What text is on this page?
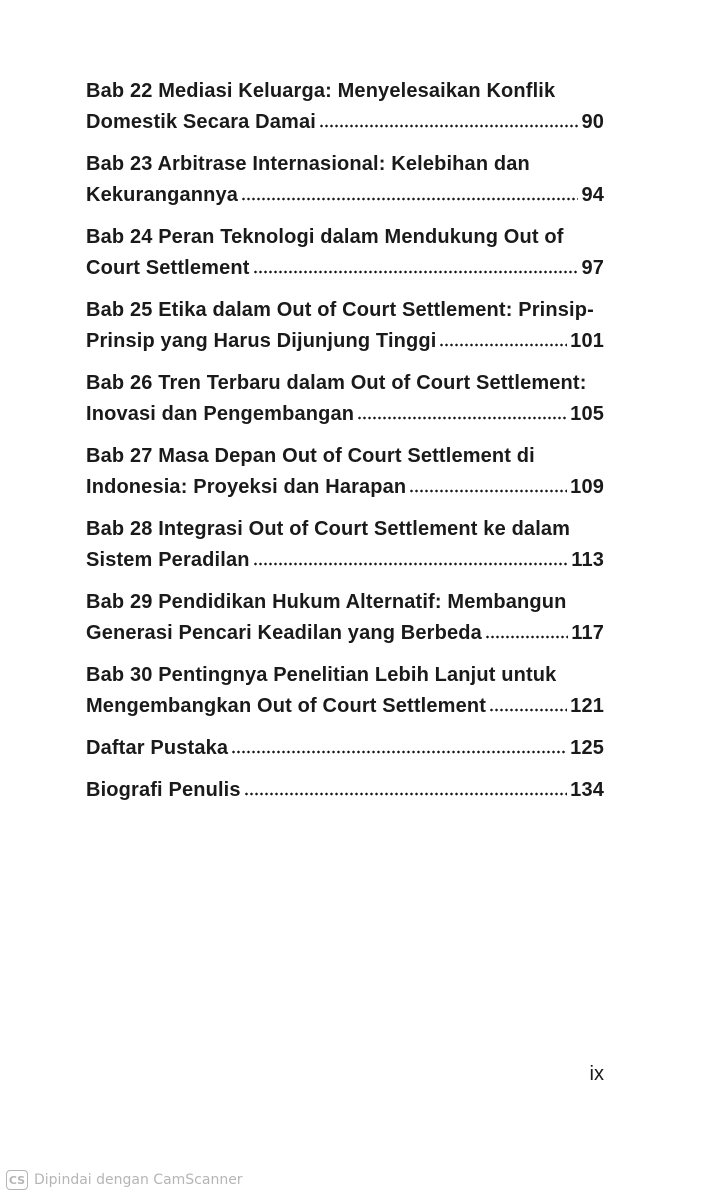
Bab 22 Mediasi Keluarga: Menyelesaikan Konflik
Domestik Secara Damai	90
Bab 23 Arbitrase Internasional: Kelebihan dan
Kekurangannya	94
Bab 24 Peran Teknologi dalam Mendukung Out of
Court Settlement	97
Bab 25 Etika dalam Out of Court Settlement: Prinsip-
Prinsip yang Harus Dijunjung Tinggi	101
Bab 26 Tren Terbaru dalam Out of Court Settlement:
Inovasi dan Pengembangan	105
Bab 27 Masa Depan Out of Court Settlement di
Indonesia: Proyeksi dan Harapan	109
Bab 28 Integrasi Out of Court Settlement ke dalam
Sistem Peradilan	113
Bab 29 Pendidikan Hukum Alternatif: Membangun
Generasi Pencari Keadilan yang Berbeda	117
Bab 30 Pentingnya Penelitian Lebih Lanjut untuk
Mengembangkan Out of Court Settlement	121
Daftar Pustaka	125
Biografi Penulis	134
ix
CS Dipindai dengan CamScanner
